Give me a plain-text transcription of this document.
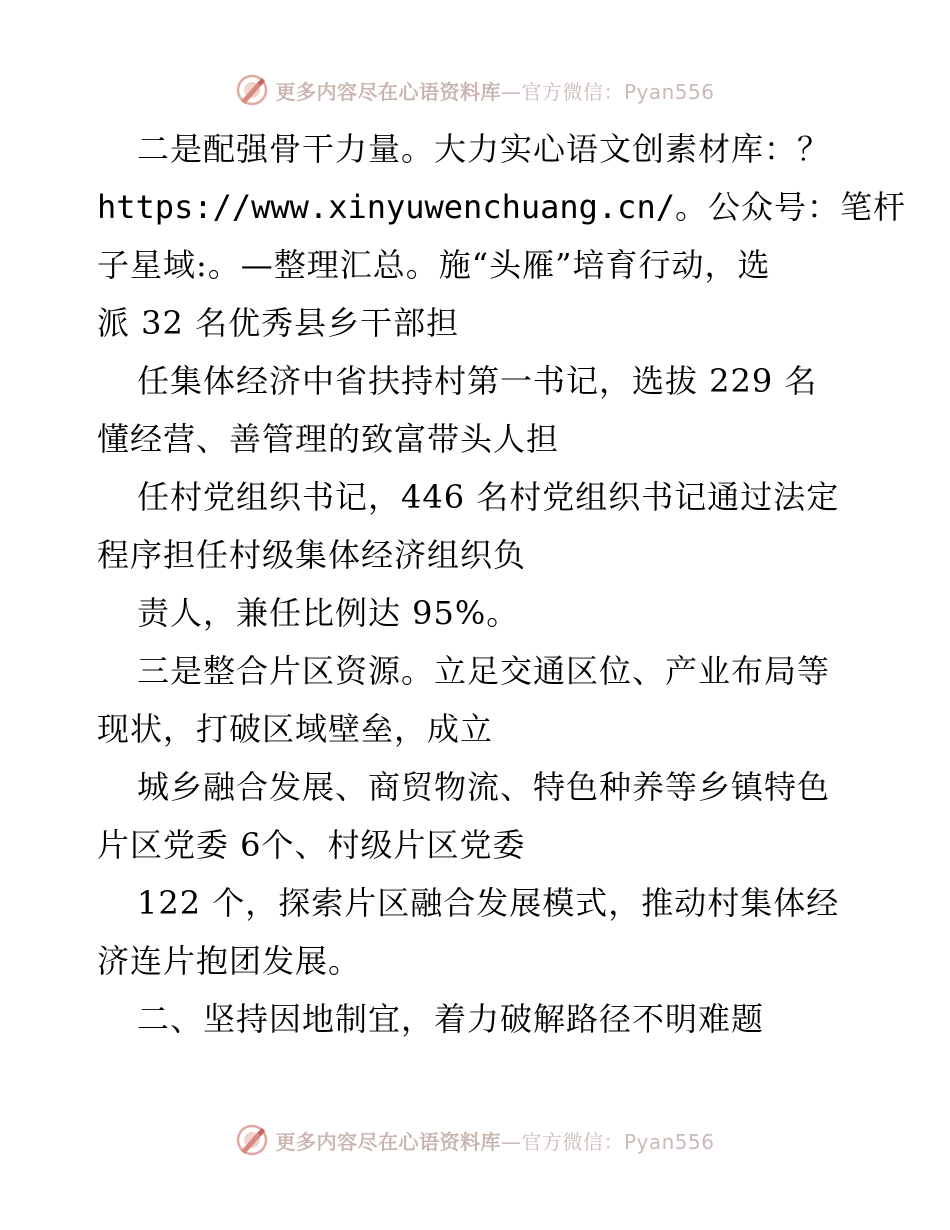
更多内容尽在心语资料库—官方微信：Pyan556
二是配强骨干力量。大力实心语文创素材库：？
https://www.xinyuwenchuang.cn/。公众号：笔杆
子星域:。—整理汇总。施“头雁”培育行动，选
派 32 名优秀县乡干部担
任集体经济中省扶持村第一书记，选拔 229 名
懂经营、善管理的致富带头人担
任村党组织书记，446 名村党组织书记通过法定
程序担任村级集体经济组织负
责人，兼任比例达 95%。
三是整合片区资源。立足交通区位、产业布局等
现状，打破区域壁垒，成立
城乡融合发展、商贸物流、特色种养等乡镇特色
片区党委 6个、村级片区党委
122 个，探索片区融合发展模式，推动村集体经
济连片抱团发展。
二、坚持因地制宜，着力破解路径不明难题
更多内容尽在心语资料库—官方微信：Pyan556
